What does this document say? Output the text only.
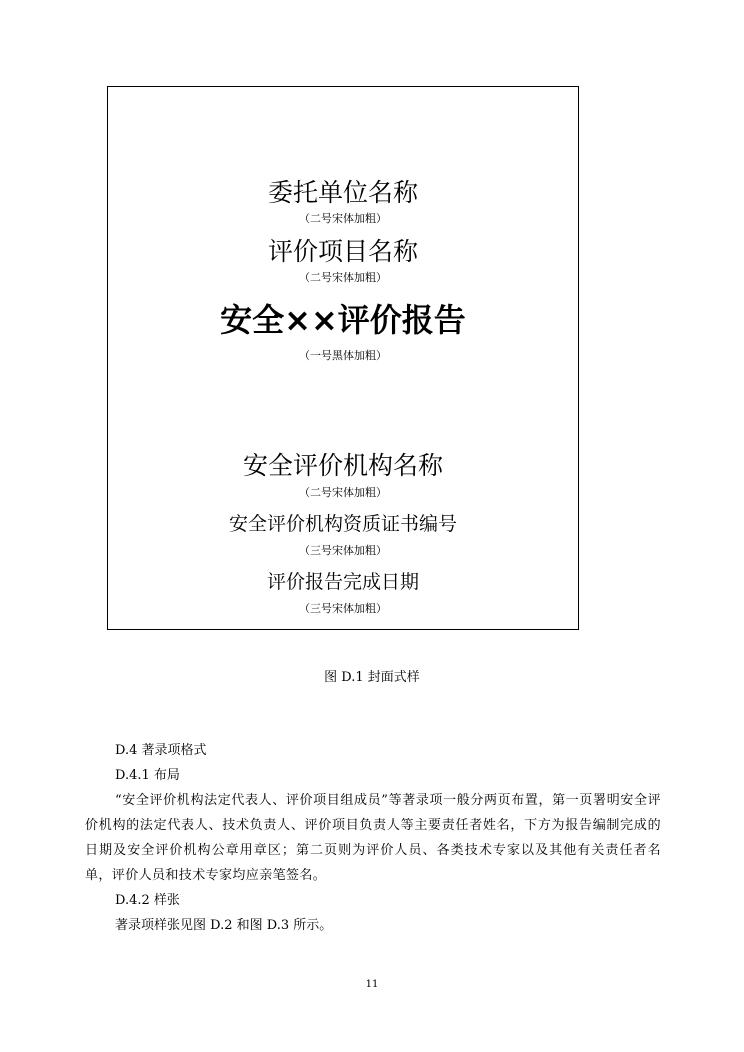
委托单位名称
（二号宋体加粗）
评价项目名称
（二号宋体加粗）
安全××评价报告
（一号黑体加粗）
安全评价机构名称
（二号宋体加粗）
安全评价机构资质证书编号
（三号宋体加粗）
评价报告完成日期
（三号宋体加粗）
图 D.1 封面式样
D.4 著录项格式
D.4.1 布局
“安全评价机构法定代表人、评价项目组成员”等著录项一般分两页布置，第一页署明安全评价机构的法定代表人、技术负责人、评价项目负责人等主要责任者姓名，下方为报告编制完成的日期及安全评价机构公章用章区；第二页则为评价人员、各类技术专家以及其他有关责任者名单，评价人员和技术专家均应亲笔签名。
D.4.2 样张
著录项样张见图 D.2 和图 D.3 所示。
11
